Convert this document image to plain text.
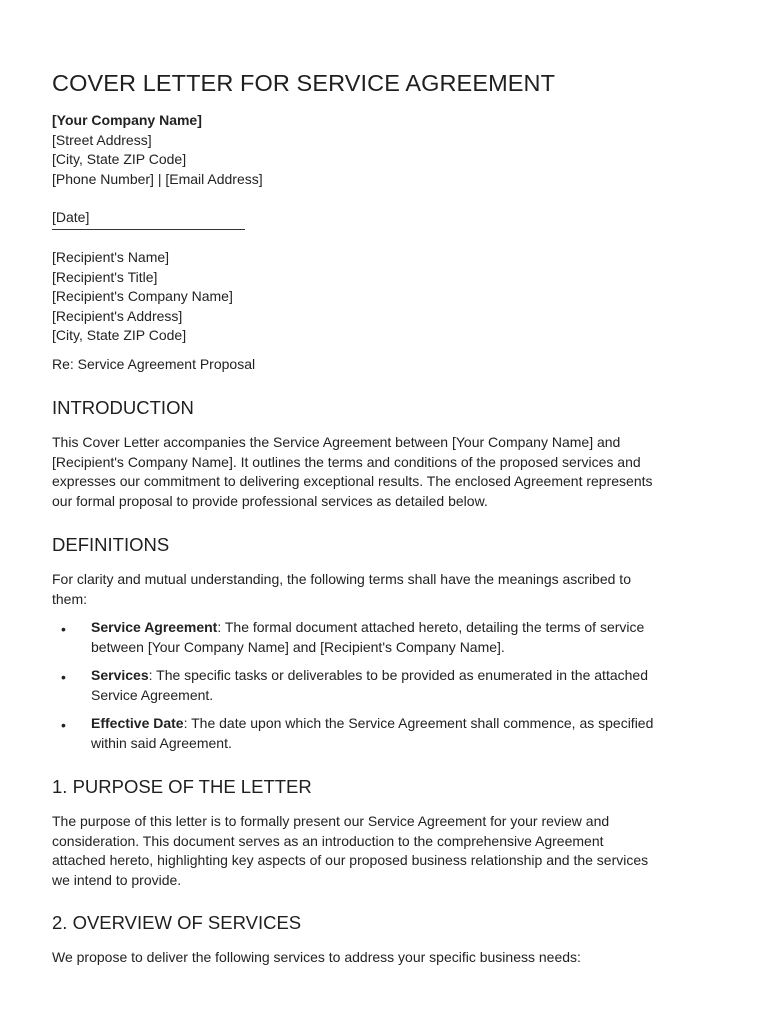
COVER LETTER FOR SERVICE AGREEMENT
[Your Company Name]
[Street Address]
[City, State ZIP Code]
[Phone Number] | [Email Address]
[Date]
[Recipient's Name]
[Recipient's Title]
[Recipient's Company Name]
[Recipient's Address]
[City, State ZIP Code]
Re: Service Agreement Proposal
INTRODUCTION
This Cover Letter accompanies the Service Agreement between [Your Company Name] and
[Recipient's Company Name]. It outlines the terms and conditions of the proposed services and
expresses our commitment to delivering exceptional results. The enclosed Agreement represents
our formal proposal to provide professional services as detailed below.
DEFINITIONS
For clarity and mutual understanding, the following terms shall have the meanings ascribed to
them:
• Service Agreement: The formal document attached hereto, detailing the terms of service
between [Your Company Name] and [Recipient's Company Name].
• Services: The specific tasks or deliverables to be provided as enumerated in the attached
Service Agreement.
• Effective Date: The date upon which the Service Agreement shall commence, as specified
within said Agreement.
1. PURPOSE OF THE LETTER
The purpose of this letter is to formally present our Service Agreement for your review and
consideration. This document serves as an introduction to the comprehensive Agreement
attached hereto, highlighting key aspects of our proposed business relationship and the services
we intend to provide.
2. OVERVIEW OF SERVICES
We propose to deliver the following services to address your specific business needs:
